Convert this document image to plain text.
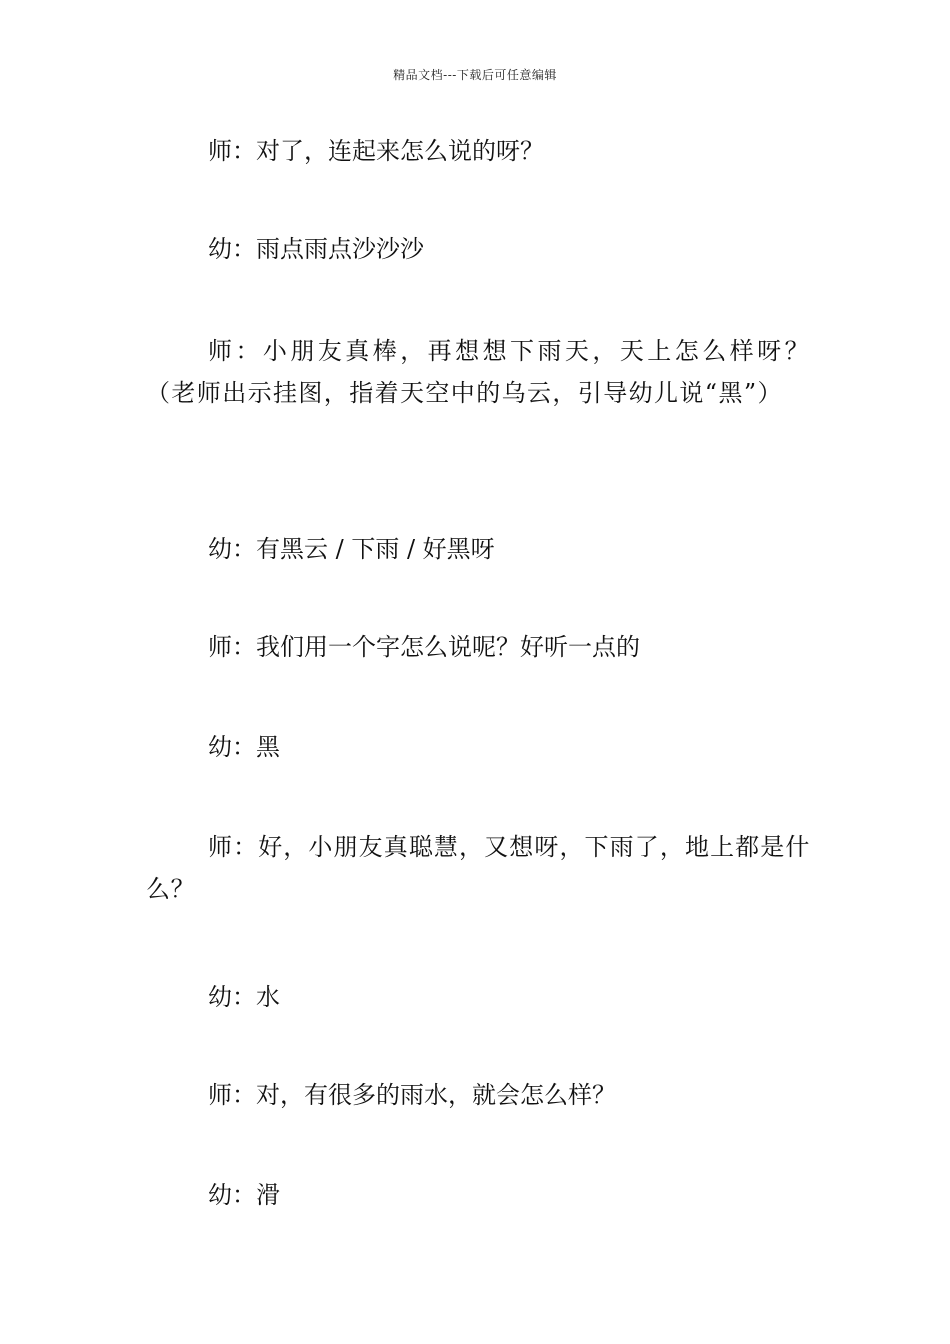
精品文档---下载后可任意编辑

师：对了，连起来怎么说的呀？

幼：雨点雨点沙沙沙

师：小朋友真棒，再想想下雨天，天上怎么样呀？（老师出示挂图，指着天空中的乌云，引导幼儿说“黑”）

幼：有黑云 / 下雨 / 好黑呀

师：我们用一个字怎么说呢？好听一点的

幼：黑

师：好，小朋友真聪慧，又想呀，下雨了，地上都是什么？

幼：水

师：对，有很多的雨水，就会怎么样？

幼：滑
